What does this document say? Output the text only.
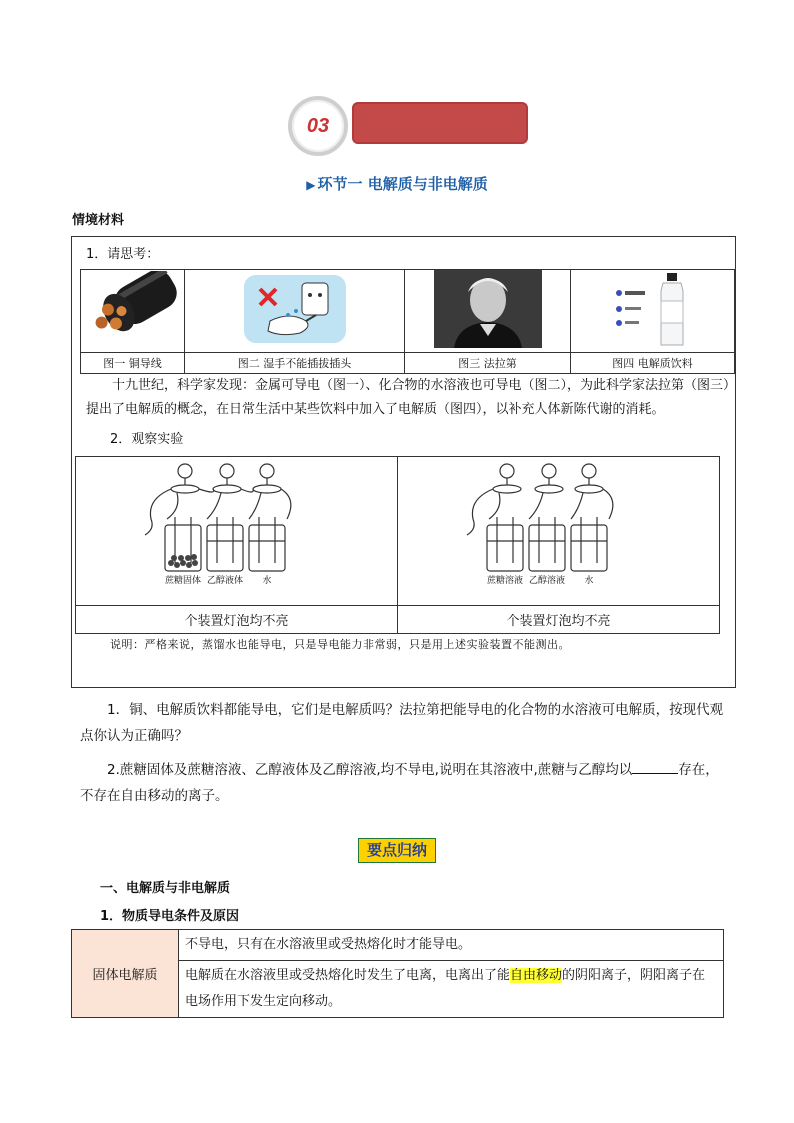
03
▶ 环节一 电解质与非电解质
情境材料
1．请思考：

图一 铜导线	图二 湿手不能插拔插头	图三 法拉第	图四 电解质饮料
十九世纪，科学家发现：金属可导电（图一）、化合物的水溶液也可导电（图二），为此科学家法拉第（图三）提出了电解质的概念，在日常生活中某些饮料中加入了电解质（图四），以补充人体新陈代谢的消耗。
2．观察实验
蔗糖固体 乙醇液体 水	蔗糖溶液 乙醇溶液 水

个装置灯泡均不亮	个装置灯泡均不亮
说明：严格来说，蒸馏水也能导电，只是导电能力非常弱，只是用上述实验装置不能测出。
1．铜、电解质饮料都能导电，它们是电解质吗？法拉第把能导电的化合物的水溶液可电解质，按现代观点你认为正确吗？
2.蔗糖固体及蔗糖溶液、乙醇液体及乙醇溶液,均不导电,说明在其溶液中,蔗糖与乙醇均以	存在，不存在自由移动的离子。
要点归纳
一、电解质与非电解质
1．物质导电条件及原因
固体电解质	不导电，只有在水溶液里或受热熔化时才能导电。
电解质在水溶液里或受热熔化时发生了电离，电离出了能自由移动的阴阳离子，阴阳离子在电场作用下发生定向移动。
